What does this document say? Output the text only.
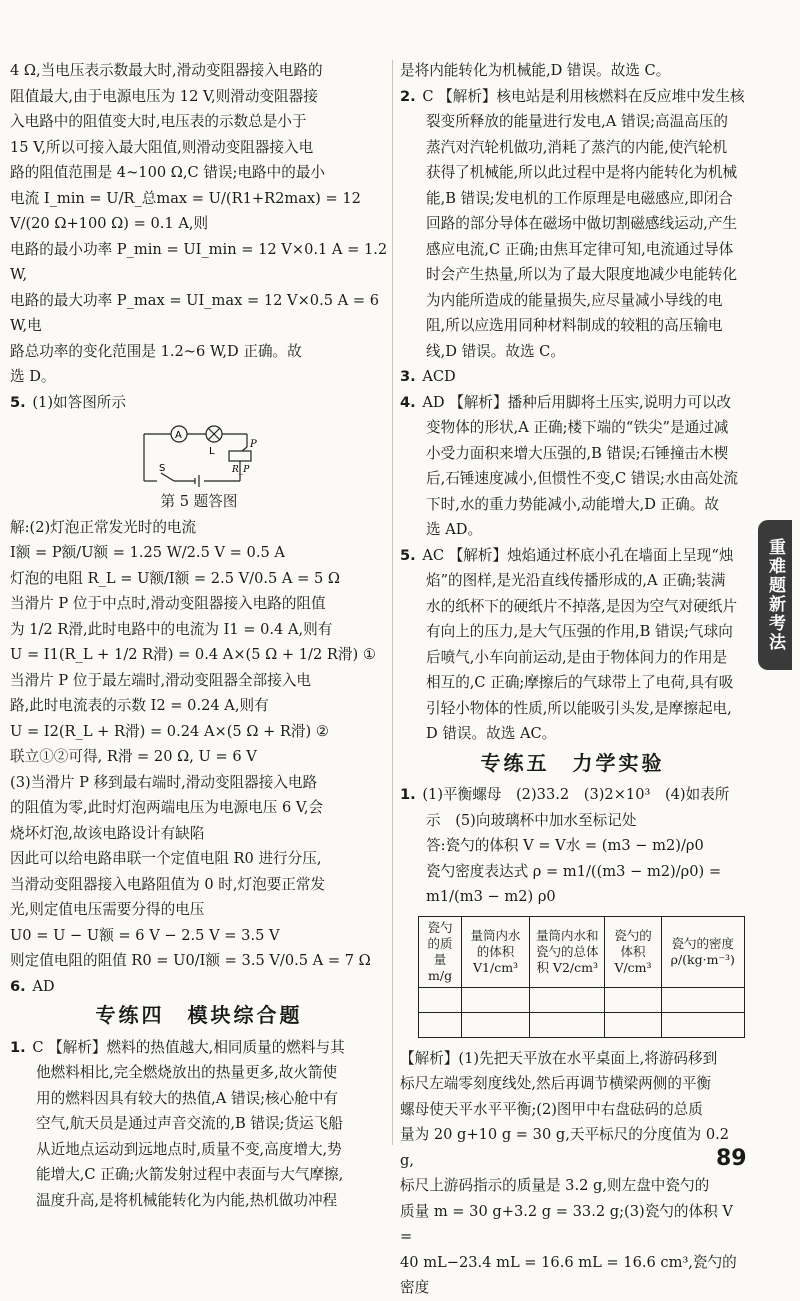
4 Ω,当电压表示数最大时,滑动变阻器接入电路的
阻值最大,由于电源电压为 12 V,则滑动变阻器接
入电路中的阻值变大时,电压表的示数总是小于
15 V,所以可接入最大阻值,则滑动变阻器接入电
路的阻值范围是 4~100 Ω,C 错误;电路中的最小
电流 I_min = U/R_总max = U/(R1+R2max) = 12 V/(20 Ω+100 Ω) = 0.1 A,则
电路的最小功率 P_min = UI_min = 12 V×0.1 A = 1.2 W,
电路的最大功率 P_max = UI_max = 12 V×0.5 A = 6 W,电
路总功率的变化范围是 1.2~6 W,D 正确。故
选 D。
5. (1)如答图所示
A
L
P
R_P
S
第 5 题答图
解:(2)灯泡正常发光时的电流
I额 = P额/U额 = 1.25 W/2.5 V = 0.5 A
灯泡的电阻 R_L = U额/I额 = 2.5 V/0.5 A = 5 Ω
当滑片 P 位于中点时,滑动变阻器接入电路的阻值
为 1/2 R滑,此时电路中的电流为 I1 = 0.4 A,则有
U = I1(R_L + 1/2 R滑) = 0.4 A×(5 Ω + 1/2 R滑) ①
当滑片 P 位于最左端时,滑动变阻器全部接入电
路,此时电流表的示数 I2 = 0.24 A,则有
U = I2(R_L + R滑) = 0.24 A×(5 Ω + R滑) ②
联立①②可得, R滑 = 20 Ω, U = 6 V
(3)当滑片 P 移到最右端时,滑动变阻器接入电路
的阻值为零,此时灯泡两端电压为电源电压 6 V,会
烧坏灯泡,故该电路设计有缺陷
因此可以给电路串联一个定值电阻 R0 进行分压,
当滑动变阻器接入电路阻值为 0 时,灯泡要正常发
光,则定值电压需要分得的电压
U0 = U − U额 = 6 V − 2.5 V = 3.5 V
则定值电阻的阻值 R0 = U0/I额 = 3.5 V/0.5 A = 7 Ω
6. AD
专练四　模块综合题
1. C 【解析】燃料的热值越大,相同质量的燃料与其
他燃料相比,完全燃烧放出的热量更多,故火箭使
用的燃料因具有较大的热值,A 错误;核心舱中有
空气,航天员是通过声音交流的,B 错误;货运飞船
从近地点运动到远地点时,质量不变,高度增大,势
能增大,C 正确;火箭发射过程中表面与大气摩擦,
温度升高,是将机械能转化为内能,热机做功冲程
是将内能转化为机械能,D 错误。故选 C。
2. C 【解析】核电站是利用核燃料在反应堆中发生核
裂变所释放的能量进行发电,A 错误;高温高压的
蒸汽对汽轮机做功,消耗了蒸汽的内能,使汽轮机
获得了机械能,所以此过程中是将内能转化为机械
能,B 错误;发电机的工作原理是电磁感应,即闭合
回路的部分导体在磁场中做切割磁感线运动,产生
感应电流,C 正确;由焦耳定律可知,电流通过导体
时会产生热量,所以为了最大限度地减少电能转化
为内能所造成的能量损失,应尽量减小导线的电
阻,所以应选用同种材料制成的较粗的高压输电
线,D 错误。故选 C。
3. ACD
4. AD 【解析】播种后用脚将土压实,说明力可以改
变物体的形状,A 正确;楼下端的“铁尖”是通过减
小受力面积来增大压强的,B 错误;石锤撞击木楔
后,石锤速度减小,但惯性不变,C 错误;水由高处流
下时,水的重力势能减小,动能增大,D 正确。故
选 AD。
5. AC 【解析】烛焰通过杯底小孔在墙面上呈现“烛
焰”的图样,是光沿直线传播形成的,A 正确;装满
水的纸杯下的硬纸片不掉落,是因为空气对硬纸片
有向上的压力,是大气压强的作用,B 错误;气球向
后喷气,小车向前运动,是由于物体间力的作用是
相互的,C 正确;摩擦后的气球带上了电荷,具有吸
引轻小物体的性质,所以能吸引头发,是摩擦起电,
D 错误。故选 AC。
专练五　力学实验
1. (1)平衡螺母　(2)33.2　(3)2×10³　(4)如表所
示　(5)向玻璃杯中加水至标记处
答:瓷勺的体积 V = V水 = (m3 − m2)/ρ0
瓷勺密度表达式 ρ = m1/((m3 − m2)/ρ0) = m1/(m3 − m2) ρ0
瓷勺的质量 m/g	量筒内水的体积 V1/cm³	量筒内水和瓷勺的总体积 V2/cm³	瓷勺的体积 V/cm³	瓷勺的密度 ρ/(kg·m⁻³)

【解析】(1)先把天平放在水平桌面上,将游码移到
标尺左端零刻度线处,然后再调节横梁两侧的平衡
螺母使天平水平平衡;(2)图甲中右盘砝码的总质
量为 20 g+10 g = 30 g,天平标尺的分度值为 0.2 g,
标尺上游码指示的质量是 3.2 g,则左盘中瓷勺的
质量 m = 30 g+3.2 g = 33.2 g;(3)瓷勺的体积 V =
40 mL−23.4 mL = 16.6 mL = 16.6 cm³,瓷勺的密度
重难题新考法
89
